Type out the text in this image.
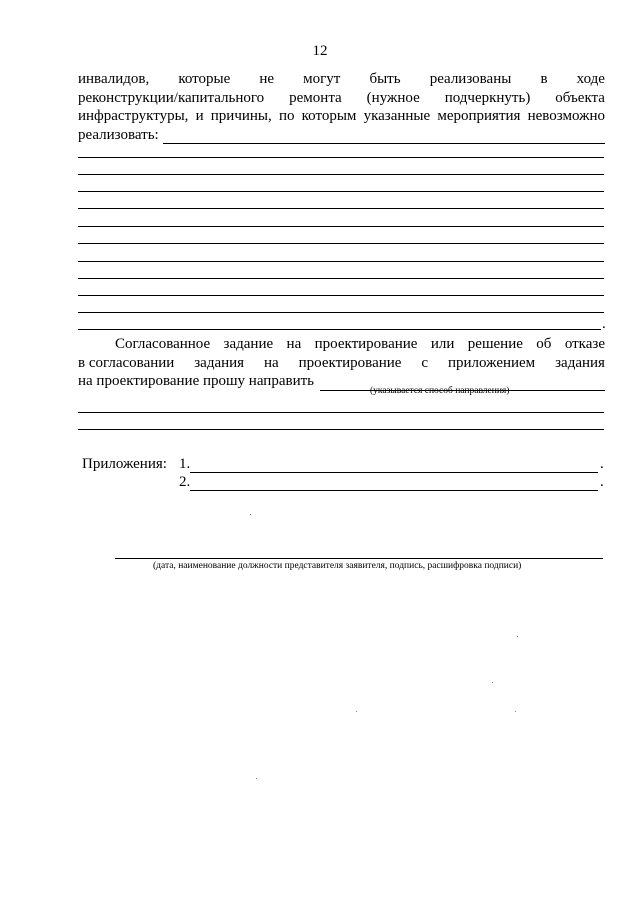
12
инвалидов, которые не могут быть реализованы в ходе
реконструкции/капитального ремонта (нужное подчеркнуть) объекта
инфраструктуры, и причины, по которым указанные мероприятия невозможно
реализовать:
.
Согласованное задание на проектирование или решение об отказе
в согласовании задания на проектирование с приложением задания
на проектирование прошу направить
(указывается способ направления)
Приложения: 1.	.
2.	.
(дата, наименование должности представителя заявителя, подпись, расшифровка подписи)
